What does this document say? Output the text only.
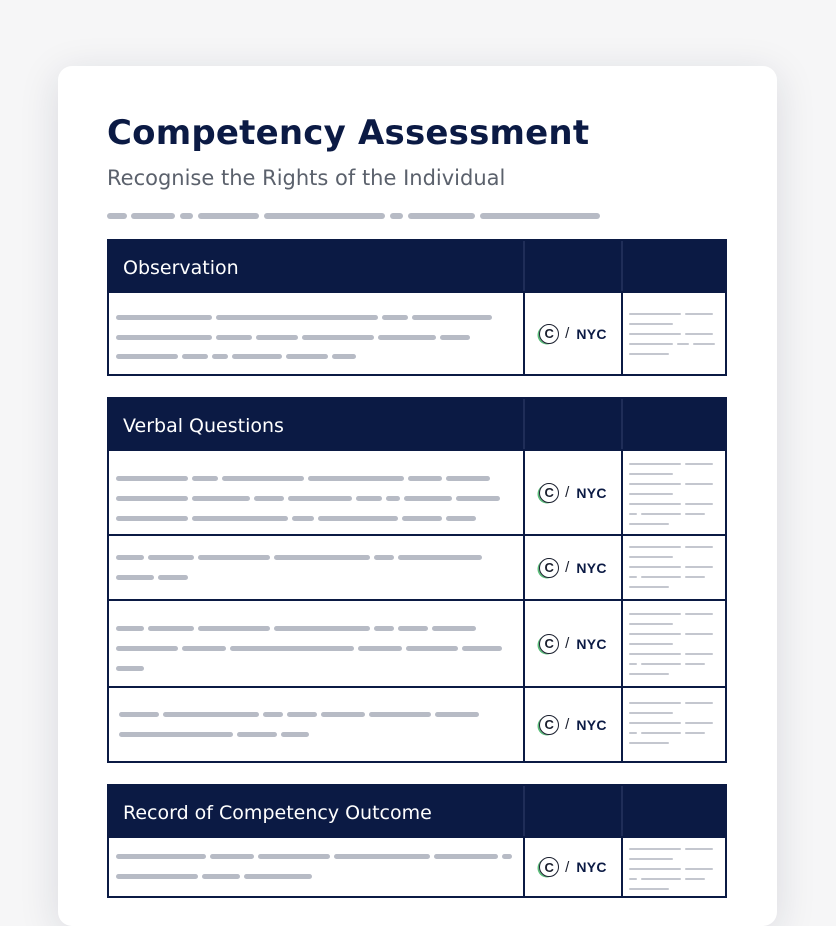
Competency Assessment

Recognise the Rights of the Individual

Observation
C / NYC
Verbal Questions
C / NYC
C / NYC
C / NYC
C / NYC
Record of Competency Outcome
C / NYC
